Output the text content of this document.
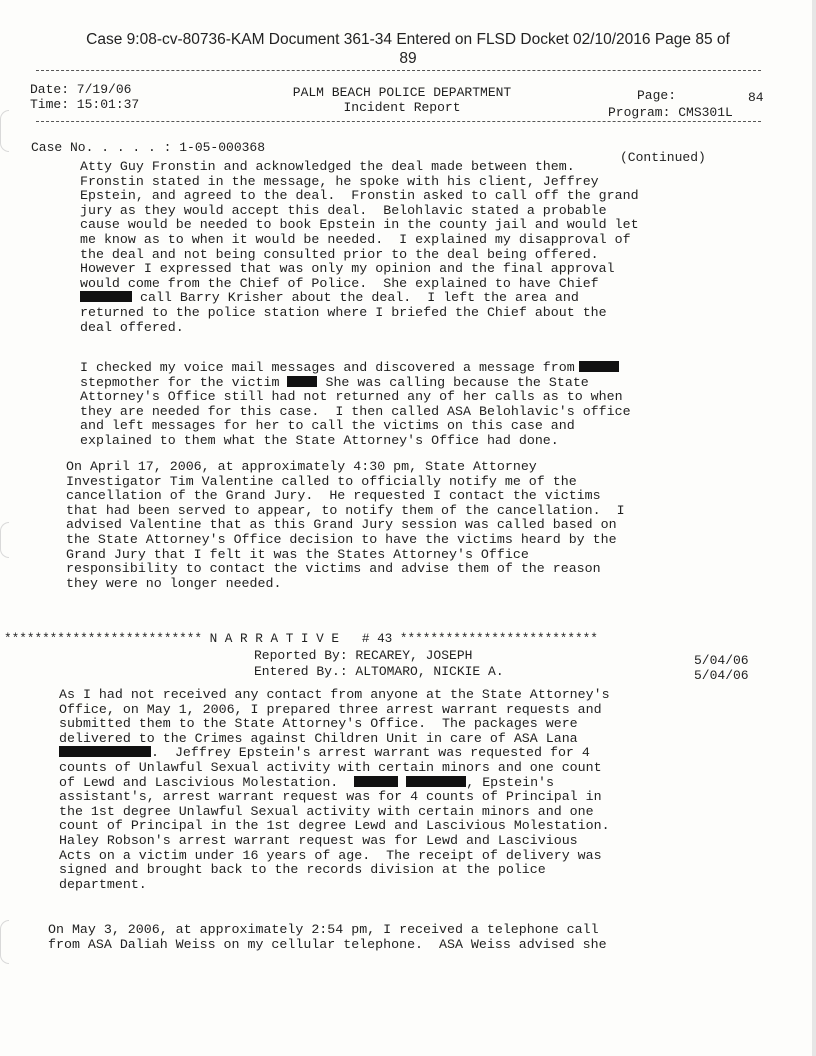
Case 9:08-cv-80736-KAM Document 361-34 Entered on FLSD Docket 02/10/2016 Page 85 of
89
Date: 7/19/06
Time: 15:01:37
PALM BEACH POLICE DEPARTMENT
Incident Report
Page:	84
Program: CMS301L
Case No. . . . . : 1-05-000368
(Continued)
Atty Guy Fronstin and acknowledged the deal made between them.
Fronstin stated in the message, he spoke with his client, Jeffrey
Epstein, and agreed to the deal.  Fronstin asked to call off the grand
jury as they would accept this deal.  Belohlavic stated a probable
cause would be needed to book Epstein in the county jail and would let
me know as to when it would be needed.  I explained my disapproval of
the deal and not being consulted prior to the deal being offered.
However I expressed that was only my opinion and the final approval
would come from the Chief of Police.  She explained to have Chief
call Barry Krisher about the deal.  I left the area and
returned to the police station where I briefed the Chief about the
deal offered.
I checked my voice mail messages and discovered a message from
stepmother for the victim	She was calling because the State
Attorney's Office still had not returned any of her calls as to when
they are needed for this case.  I then called ASA Belohlavic's office
and left messages for her to call the victims on this case and
explained to them what the State Attorney's Office had done.
On April 17, 2006, at approximately 4:30 pm, State Attorney
Investigator Tim Valentine called to officially notify me of the
cancellation of the Grand Jury.  He requested I contact the victims
that had been served to appear, to notify them of the cancellation.  I
advised Valentine that as this Grand Jury session was called based on
the State Attorney's Office decision to have the victims heard by the
Grand Jury that I felt it was the States Attorney's Office
responsibility to contact the victims and advise them of the reason
they were no longer needed.
************************** N A R R A T I V E   # 43 **************************
Reported By: RECAREY, JOSEPH
Entered By.: ALTOMARO, NICKIE A.
5/04/06
5/04/06
As I had not received any contact from anyone at the State Attorney's
Office, on May 1, 2006, I prepared three arrest warrant requests and
submitted them to the State Attorney's Office.  The packages were
delivered to the Crimes against Children Unit in care of ASA Lana
.  Jeffrey Epstein's arrest warrant was requested for 4
counts of Unlawful Sexual activity with certain minors and one count
of Lewd and Lascivious Molestation.	, Epstein's
assistant's, arrest warrant request was for 4 counts of Principal in
the 1st degree Unlawful Sexual activity with certain minors and one
count of Principal in the 1st degree Lewd and Lascivious Molestation.
Haley Robson's arrest warrant request was for Lewd and Lascivious
Acts on a victim under 16 years of age.  The receipt of delivery was
signed and brought back to the records division at the police
department.
On May 3, 2006, at approximately 2:54 pm, I received a telephone call
from ASA Daliah Weiss on my cellular telephone.  ASA Weiss advised she
